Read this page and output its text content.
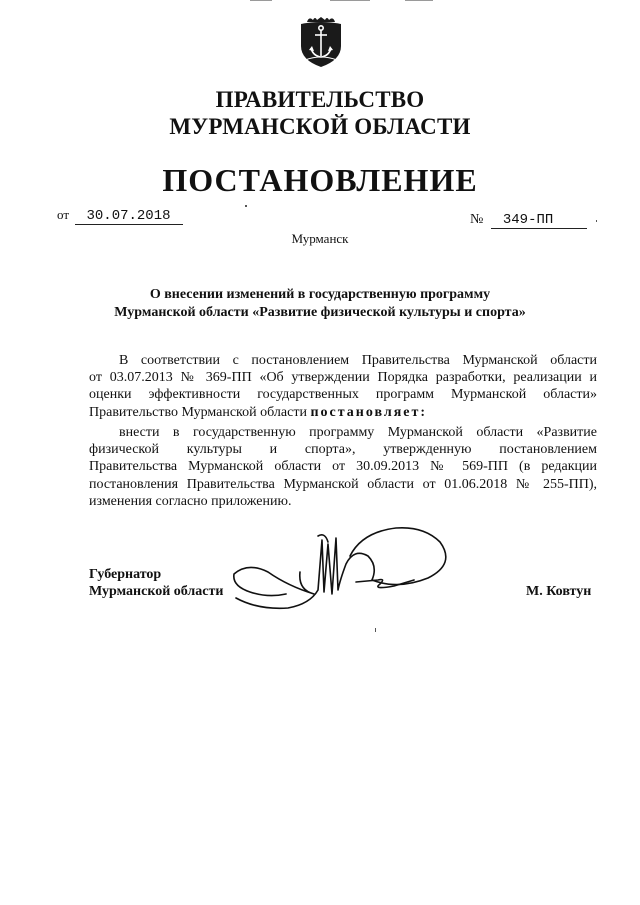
ПРАВИТЕЛЬСТВО
МУРМАНСКОЙ ОБЛАСТИ
ПОСТАНОВЛЕНИЕ
от 30.07.2018	№ 349-ПП
Мурманск
О внесении изменений в государственную программу
Мурманской области «Развитие физической культуры и спорта»
В соответствии с постановлением Правительства Мурманской области
от 03.07.2013 № 369-ПП «Об утверждении Порядка разработки, реализации и
оценки эффективности государственных программ Мурманской области»
Правительство Мурманской области постановляет:
внести в государственную программу Мурманской области «Развитие
физической культуры и спорта», утвержденную постановлением
Правительства Мурманской области от 30.09.2013 № 569-ПП (в редакции
постановления Правительства Мурманской области от 01.06.2018 № 255-ПП),
изменения согласно приложению.
Губернатор
Мурманской области	М. Ковтун
